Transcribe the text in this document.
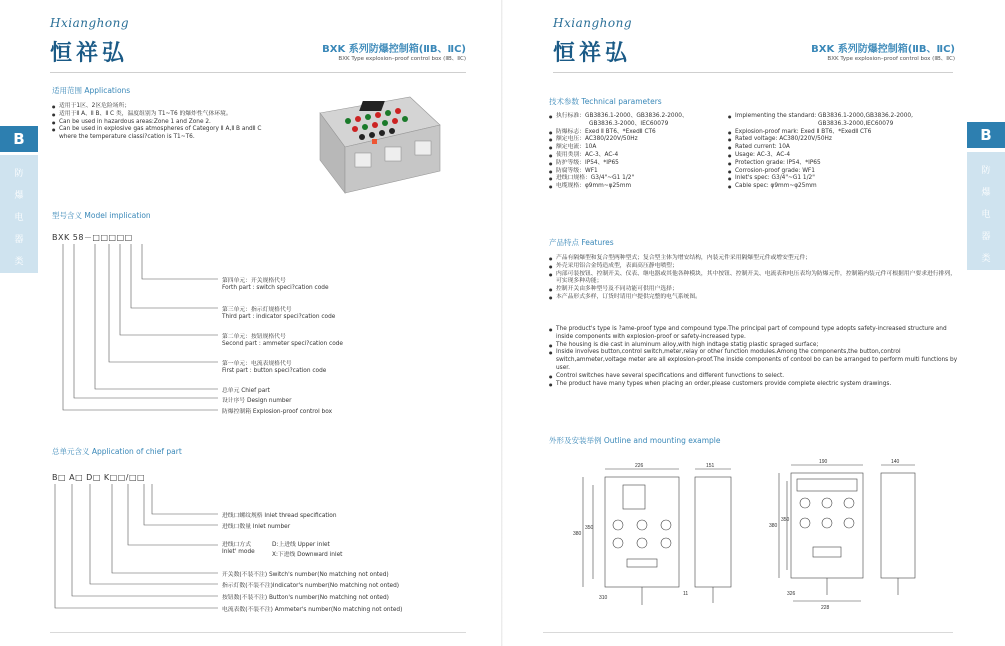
Hxianghong
恒祥弘	BXK 系列防爆控制箱(ⅡB、ⅡC)
BXK Type explosion–proof control box (ⅡB、ⅡC)
B
防
爆
电
器
类
适用范围 Applications
● 适用于1区、2区危险场所；
● 适用于Ⅱ A、Ⅱ B、Ⅱ C 类，温度组别为 T1~T6 的爆炸性气体环境。
● Can be used in hazardous areas:Zone 1 and Zone 2.
● Can be used in explosive gas atmospheres of Category Ⅱ A,Ⅱ B andⅡ C where the temperature classi?cation is T1~T6.
型号含义 Model implication
BXK 58－□□□□□
第四单元：开关规格代号
Forth part : switch speci?cation code
第三单元：指示灯规格代号
Third part : indicator speci?cation code
第二单元：按钮规格代号
Second part : ammeter speci?cation code
第一单元：电流表规格代号
First part : button speci?cation code
总单元 Chief part
设计序号 Design number
防爆控制箱 Explosion-proof control box
总单元含义 Application of chief part
B□ A□ D□ K□□/□□
进线口螺纹规格 Inlet thread specification
进线口数量 Inlet number
进线口方式
Inlet' mode
D:上进线 Upper inlet
X:下进线 Downward inlet
开关数(不装不注) Switch's number(No matching not onted)
指示灯数(不装不注)Indicator's number(No matching not onted)
按钮数(不装不注) Button's number(No matching not onted)
电流表数(不装不注) Ammeter's number(No matching not onted)
Hxianghong
恒祥弘	BXK 系列防爆控制箱(ⅡB、ⅡC)
BXK Type explosion–proof control box (ⅡB、ⅡC)
B
防
爆
电
器
类
技术参数 Technical parameters
● 执行标准：GB3836.1-2000、GB3836.2-2000、
GB3836.3-2000、IEC60079
● 防爆标志：Exed Ⅱ BT6、*ExedⅡ CT6
● 额定电压：AC380/220V/50Hz
● 额定电流：10A
● 使用类别：AC-3、AC-4
● 防护等级：IP54、*IP65
● 防腐等级：WF1
● 进线口规格：G3/4"~G1 1/2"
● 电缆规格：φ9mm~φ25mm
● Implementing the standard: GB3836.1-2000,GB3836.2-2000,
GB3836.3-2000,IEC60079
● Explosion-proof mark: Exed Ⅱ BT6、*ExedⅡ CT6
● Rated voltage: AC380/220V/50Hz
● Rated current: 10A
● Usage: AC-3、AC-4
● Protection grade: IP54、*IP65
● Corrosion-proof grade: WF1
● Inlet's spec: G3/4"~G1 1/2"
● Cable spec: φ9mm~φ25mm
产品特点 Features
● 产品有隔爆型和复合型两种型式；复合型主体为增安结构，内装元件采用隔爆型元件或增安型元件；
● 外壳采用铝合金铸造成型，表面高压静电喷塑；
● 内部可装按钮、控制开关、仪表、继电器或其他各种模块，其中按钮、控制开关、电流表和电压表均为防爆元件，控制箱内装元件可根据用户要求进行排列，可实现多种功能；
● 控制开关由多种型号及不同功能可供用户选择；
● 本产品形式多样，订货时请用户提供完整的电气系统图。
● The product's type is ?ame-proof type and compound type.The principal part of compound type adopts safety-increased structure and inside components with explosion-proof or safety-increased type.
● The housing is die cast in aluminum alloy,with high indtage statig plastic spraged surface;
● Inside involves button,control switch,meter,relay or other function modules.Among the components,the button,control switch,ammeter,voltage meter are all explosion-proof.The inside components of contool bo can be arranged to perform multi functions by user.
● Control switches have several specifications and different funvctions to select.
● The product have many types when placing an order,please customers provide complete electric system drawings.
外形及安装举例 Outline and mounting example
226	151
190	140
380
350
310
380
350
326
228
11
